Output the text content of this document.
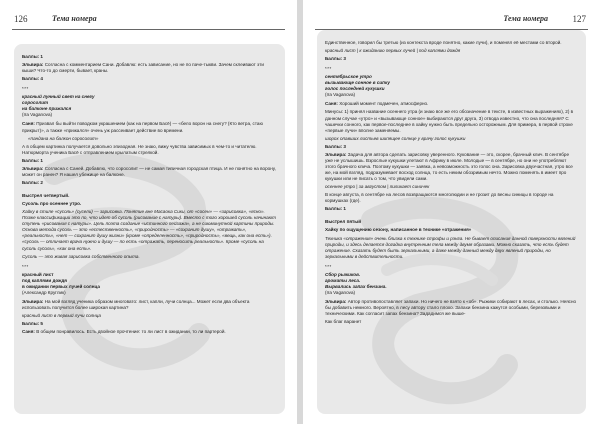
126	Тема номера

Баллы: 1

Эльвира: Согласна с комментарием Сани. Добавлю: есть зависание, но не по паче-тыкви. Зачем склеивают эти кыши? Что-то до смерти, бывает, краны.

Баллы: 4

***
красный лунный свет на снегу
соросолит
на балконе прижался
(Ira Vaganova)

Саня: Призвал бы выйти поводком украшением (как на первом Басё) — «бело ворон на снегу? (Кто ветра, стаю прикрыт)», а также «прижался» очень уж рассеивает действие во времени.

«пандана на балкон соросолит»

А в общем картинка получается довольно эпизодная. Не знаю, вижу чувства зависимых в чем-то и читателю. Натюрморта ученика Басё с отправлением крылатым стрелкой.

Баллы: 1

Эльвира: Согласна с Саней. Добавлю, что соросолит — не самая типичная городская птица. И не понятно на ворону, может он ранен? Я нашел убежище на балконе.

Баллы: 2

Выстрел четвертый.

Сусоль про осеннее утро.

Хайку в стиле «сусоль» (сусели) — зарисовка. Понятие вне Масаока Сики, от «сосен» — «зарисовка», «ясно». Позже классификации это по, что идет об сусоль (рисование с натуры). Вместо с того хорошей сусоль начинают ступень «рисования с натуры». Цель поэта создание «истинного пейзажа», а не сиюминутной картины природы. Основа метода сусоль — это «естественность», «природность» — «сохранит душу», «отражать», «реальность», «нет — сохранит душу жизни» (кроме «определенность», «природность», «вещь, как она есть»). «сусоль — отличает врача нужно и душу — по есть «отражать, переносить реальность». Кроме «сусоль на сусоль сусоль», «как она есть».

Сусоль — это живая зарисовка собственного опыта.

***
красный лист
под каплями дождя
в ожидании первых лучей солнца
(Александр Круглик)

Эльвира: На мой взгляд ученика образом многовато: лист, капли, лучи солнца... Может если два объекта использовать получится более широкая картина?

красный лист в первый лучи солнца

Баллы: 5

Саня: В общем понравилось. Есть двойное прочтение: то ли лист в ожидании, то ли партерой.

Тема номера	127

Единственное, говорил бы третью (из контекста вроде понятно, какие лучи), и поменял её местами со второй.

красный лист | к ожиданию первых лучей | под каплями дождя

Баллы: 3

***
сентябрьское утро
вызывающе сонное в сипку
голос последней кукушки
(Ira Vaganova)

Саня: Хороший момент подмечен, атмосферно.

Минусы: 1) принял название осеннего утра (и знаю все же его обозначение в тексте, в известных выражениях), 2) в данном случае «утро» и «вызывающе сонное» выбираются друг друга, 3) отвода известно, что она последняя? С чашечки сонного, как первое-последнее в хайку нужно быть предельно осторожным. Для примера, в первой строке «первые лучи» вполне заменяемы.

шорох опавших листьев шипящее солнце у врачу голос кукушки

Баллы: 3

Эльвира: Задача для автора сделать зарисовку уверенного. Кукование — это, скорее, брачный клич. В сентябре уже не услышишь. Взрослые кукушки улетают в Африку в июле. Молодые — в сентябре, но они не употребляют этого брачного клича. Поэтому кукушки — заявка, а невозможность это голос она. Зарисовка двухчастная, утро все же, на мой взгляд, подразумевает восход солнца, то есть неким обозримым нечто. Можно поменять в имеет про кукушки или не писать о том, что увидели сами.

осеннее утро | за августом | пиликает синичек

В конце августа, в сентябре на лесов возвращаются многолюдии и не грозит до весны синицы в городе на кормушках (где).

Баллы: 1

Выстрел пятый

Хайку по ощущению сезону, написанное в технике «отражения»

Техника «отражения» очень близка к технике строфы и рэнга. Не бывает описания данной поверхности явлений природы, и здесь делается догадка внутренним тела между двумя образами. Можно сказать, что есть будет отражение. Сказать будет быть зеркальными, а даже между данный между двух явлений природы, но зеркальными в действительности.

***
Сбор рыжиков.
ароматы леса.
Вырвались запах бензина.
(Ira Vaganova)

Эльвира: Автор противопоставляет запахи. Но ничего не взято к «об». Рыжики собирают в лесах, и столько. Неясно бы добавить немного. Вероятно, в лесу автору стало плохо. Запахи бензина кажутся особыми, березовыми и техническими. Как согласит запах бензина? Зададимся же выше-

Как благ варанет
